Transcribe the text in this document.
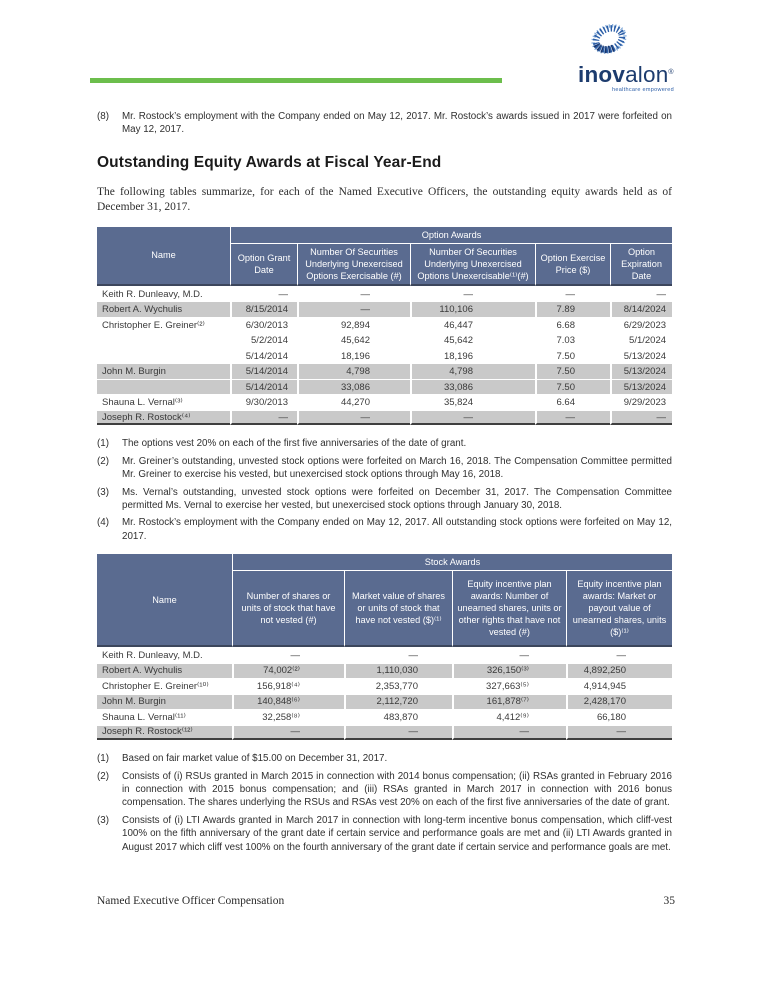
inovalon®
healthcare empowered
(8)	Mr. Rostock’s employment with the Company ended on May 12, 2017. Mr. Rostock’s awards issued in 2017 were forfeited on May 12, 2017.
Outstanding Equity Awards at Fiscal Year-End

The following tables summarize, for each of the Named Executive Officers, the outstanding equity awards held as of December 31, 2017.

Name	Option Awards				
	Option Grant Date	Number Of Securities Underlying Unexercised Options Exercisable (#)	Number Of Securities Underlying Unexercised Options Unexercisable⁽¹⁾(#)	Option Exercise Price ($)	Option Expiration Date
Keith R. Dunleavy, M.D.	—	—	—	—	—
Robert A. Wychulis	8/15/2014	—	110,106	7.89	8/14/2024
Christopher E. Greiner⁽²⁾	6/30/2013	92,894	46,447	6.68	6/29/2023
	5/2/2014	45,642	45,642	7.03	5/1/2024
	5/14/2014	18,196	18,196	7.50	5/13/2024
John M. Burgin	5/14/2014	4,798	4,798	7.50	5/13/2024
	5/14/2014	33,086	33,086	7.50	5/13/2024
Shauna L. Vernal⁽³⁾	9/30/2013	44,270	35,824	6.64	9/29/2023
Joseph R. Rostock⁽⁴⁾	—	—	—	—	—
(1)	The options vest 20% on each of the first five anniversaries of the date of grant.
(2)	Mr. Greiner’s outstanding, unvested stock options were forfeited on March 16, 2018. The Compensation Committee permitted Mr. Greiner to exercise his vested, but unexercised stock options through May 16, 2018.
(3)	Ms. Vernal’s outstanding, unvested stock options were forfeited on December 31, 2017. The Compensation Committee permitted Ms. Vernal to exercise her vested, but unexercised stock options through January 30, 2018.
(4)	Mr. Rostock’s employment with the Company ended on May 12, 2017. All outstanding stock options were forfeited on May 12, 2017.
Name	Stock Awards			
	Number of shares or units of stock that have not vested (#)	Market value of shares or units of stock that have not vested ($)⁽¹⁾	Equity incentive plan awards: Number of unearned shares, units or other rights that have not vested (#)	Equity incentive plan awards: Market or payout value of unearned shares, units ($)⁽¹⁾
Keith R. Dunleavy, M.D.	—	—	—	—
Robert A. Wychulis	74,002⁽²⁾	1,110,030	326,150⁽³⁾	4,892,250
Christopher E. Greiner⁽¹⁰⁾	156,918⁽⁴⁾	2,353,770	327,663⁽⁵⁾	4,914,945
John M. Burgin	140,848⁽⁶⁾	2,112,720	161,878⁽⁷⁾	2,428,170
Shauna L. Vernal⁽¹¹⁾	32,258⁽⁸⁾	483,870	4,412⁽⁹⁾	66,180
Joseph R. Rostock⁽¹²⁾	—	—	—	—
(1)	Based on fair market value of $15.00 on December 31, 2017.
(2)	Consists of (i) RSUs granted in March 2015 in connection with 2014 bonus compensation; (ii) RSAs granted in February 2016 in connection with 2015 bonus compensation; and (iii) RSAs granted in March 2017 in connection with 2016 bonus compensation. The shares underlying the RSUs and RSAs vest 20% on each of the first five anniversaries of the date of grant.
(3)	Consists of (i) LTI Awards granted in March 2017 in connection with long-term incentive bonus compensation, which cliff-vest 100% on the fifth anniversary of the grant date if certain service and performance goals are met and (ii) LTI Awards granted in August 2017 which cliff vest 100% on the fourth anniversary of the grant date if certain service and performance goals are met.
Named Executive Officer Compensation	35
